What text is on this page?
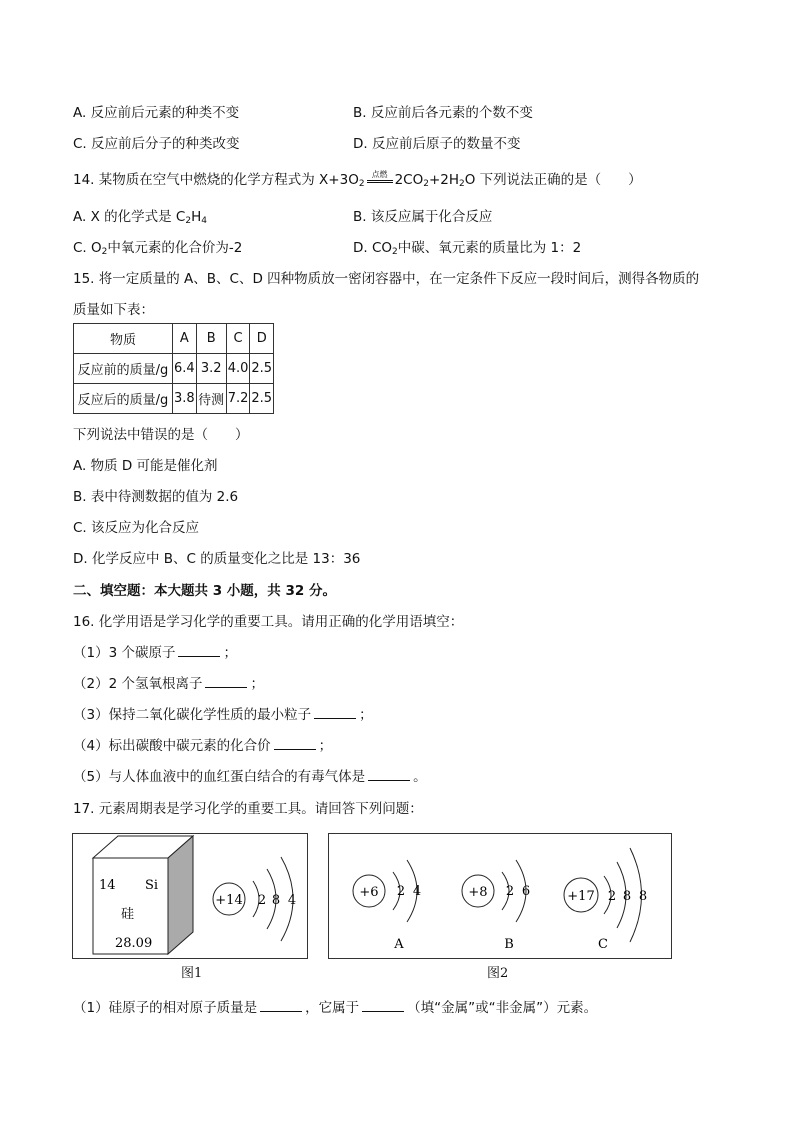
A. 反应前后元素的种类不变	B. 反应前后各元素的个数不变
C. 反应前后分子的种类改变	D. 反应前后原子的数量不变
14. 某物质在空气中燃烧的化学方程式为 $X+3O_2$
点燃 $2CO_2+2H_2O$ 下列说法正确的是（　　）
A. X 的化学式是 $C_2H_4$	B. 该反应属于化合反应
C. $O_2$中氧元素的化合价为-2	D. $CO_2$中碳、氧元素的质量比为 1：2
15. 将一定质量的 A、B、C、D 四种物质放一密闭容器中，在一定条件下反应一段时间后，测得各物质的
质量如下表：
物质	A	B	C	D
反应前的质量/g	6.4	3.2	4.0	2.5
反应后的质量/g	3.8	待测	7.2	2.5
下列说法中错误的是（　　）
A. 物质 D 可能是催化剂
B. 表中待测数据的值为 2.6
C. 该反应为化合反应
D. 化学反应中 B、C 的质量变化之比是 13：36
二、填空题：本大题共 3 小题，共 32 分。
16. 化学用语是学习化学的重要工具。请用正确的化学用语填空：
（1）3 个碳原子	；
（2）2 个氢氧根离子	；
（3）保持二氧化碳化学性质的最小粒子	；
（4）标出碳酸中碳元素的化合价	；
（5）与人体血液中的血红蛋白结合的有毒气体是	。
17. 元素周期表是学习化学的重要工具。请回答下列问题：
14 Si
硅
28.09
+14 2 8 4
图1
+6 2 4
A
+8 2 6
B
+17 2 8 8
C
图2
（1）硅原子的相对原子质量是	，它属于	（填“金属”或“非金属”）元素。
